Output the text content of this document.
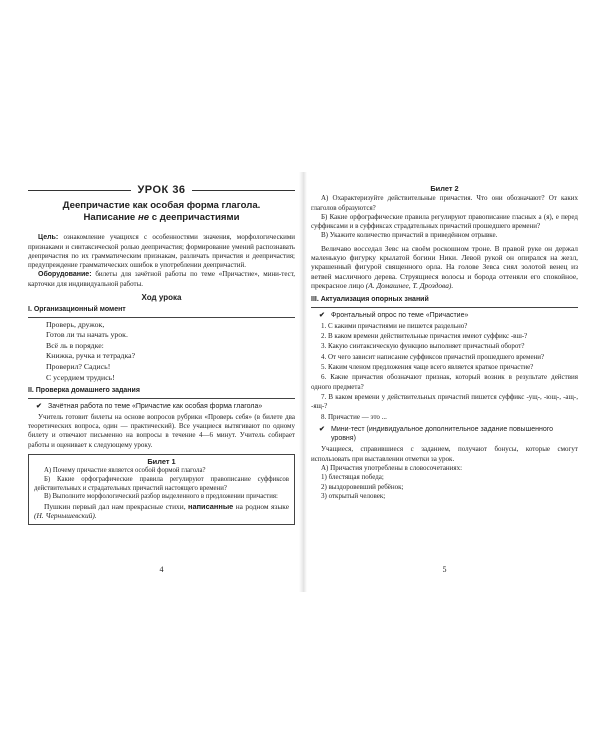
УРОК 36
Деепричастие как особая форма глагола.
Написание не с деепричастиями

Цель: ознакомление учащихся с особенностями значения, морфологическими признаками и синтаксической ролью деепричастия; формирование умений распознавать деепричастия по их грамматическим признакам, различать причастия и деепричастия; предупреждение грамматических ошибок в употреблении деепричастий.

Оборудование: билеты для зачётной работы по теме «Причастие», мини-тест, карточки для индивидуальной работы.

Ход урока
I. Организационный момент
Проверь, дружок,
Готов ли ты начать урок.
Всё ль в порядке:
Книжка, ручка и тетрадка?
Проверил? Садись!
С усердием трудись!
II. Проверка домашнего задания
✔ Зачётная работа по теме «Причастие как особая форма глагола»

Учитель готовит билеты на основе вопросов рубрики «Проверь себя» (в билете два теоретических вопроса, один — практический). Все учащиеся вытягивают по одному билету и отвечают письменно на вопросы в течение 4—6 минут. Учитель собирает работы и оценивает к следующему уроку.

Билет 1

А) Почему причастие является особой формой глагола?

Б) Какие орфографические правила регулируют правописание суффиксов действительных и страдательных причастий настоящего времени?

В) Выполните морфологический разбор выделенного в предложении причастия:

Пушкин первый дал нам прекрасные стихи, написанные на родном языке (Н. Чернышевский).

4
Билет 2

А) Охарактеризуйте действительные причастия. Что они обозначают? От каких глаголов образуются?

Б) Какие орфографические правила регулируют правописание гласных а (я), е перед суффиксами и в суффиксах страдательных причастий прошедшего времени?

В) Укажите количество причастий в приведённом отрывке.

Величаво восседал Зевс на своём роскошном троне. В правой руке он держал маленькую фигурку крылатой богини Ники. Левой рукой он опирался на жезл, украшенный фигурой священного орла. На голове Зевса сиял золотой венец из ветвей масличного дерева. Струящиеся волосы и борода оттеняли его спокойное, прекрасное лицо (А. Домашнее, Т. Дроздова).

III. Актуализация опорных знаний
✔ Фронтальный опрос по теме «Причастие»

1. С какими причастиями не пишется раздельно?

2. В каком времени действительные причастия имеют суффикс -вш-?

3. Какую синтаксическую функцию выполняет причастный оборот?

4. От чего зависит написание суффиксов причастий прошедшего времени?

5. Каким членом предложения чаще всего является краткое причастие?

6. Какие причастия обозначают признак, который возник в результате действия одного предмета?

7. В каком времени у действительных причастий пишется суффикс -ущ-, -ющ-, -ащ-, -ящ-?

8. Причастие — это ...

✔ Мини-тест (индивидуальное дополнительное задание повышенного уровня)

Учащиеся, справившиеся с заданием, получают бонусы, которые смогут использовать при выставлении отметки за урок.

А) Причастия употреблены в словосочетаниях:

1) блестящая победа;
2) выздоровевший ребёнок;
3) открытый человек;
5
